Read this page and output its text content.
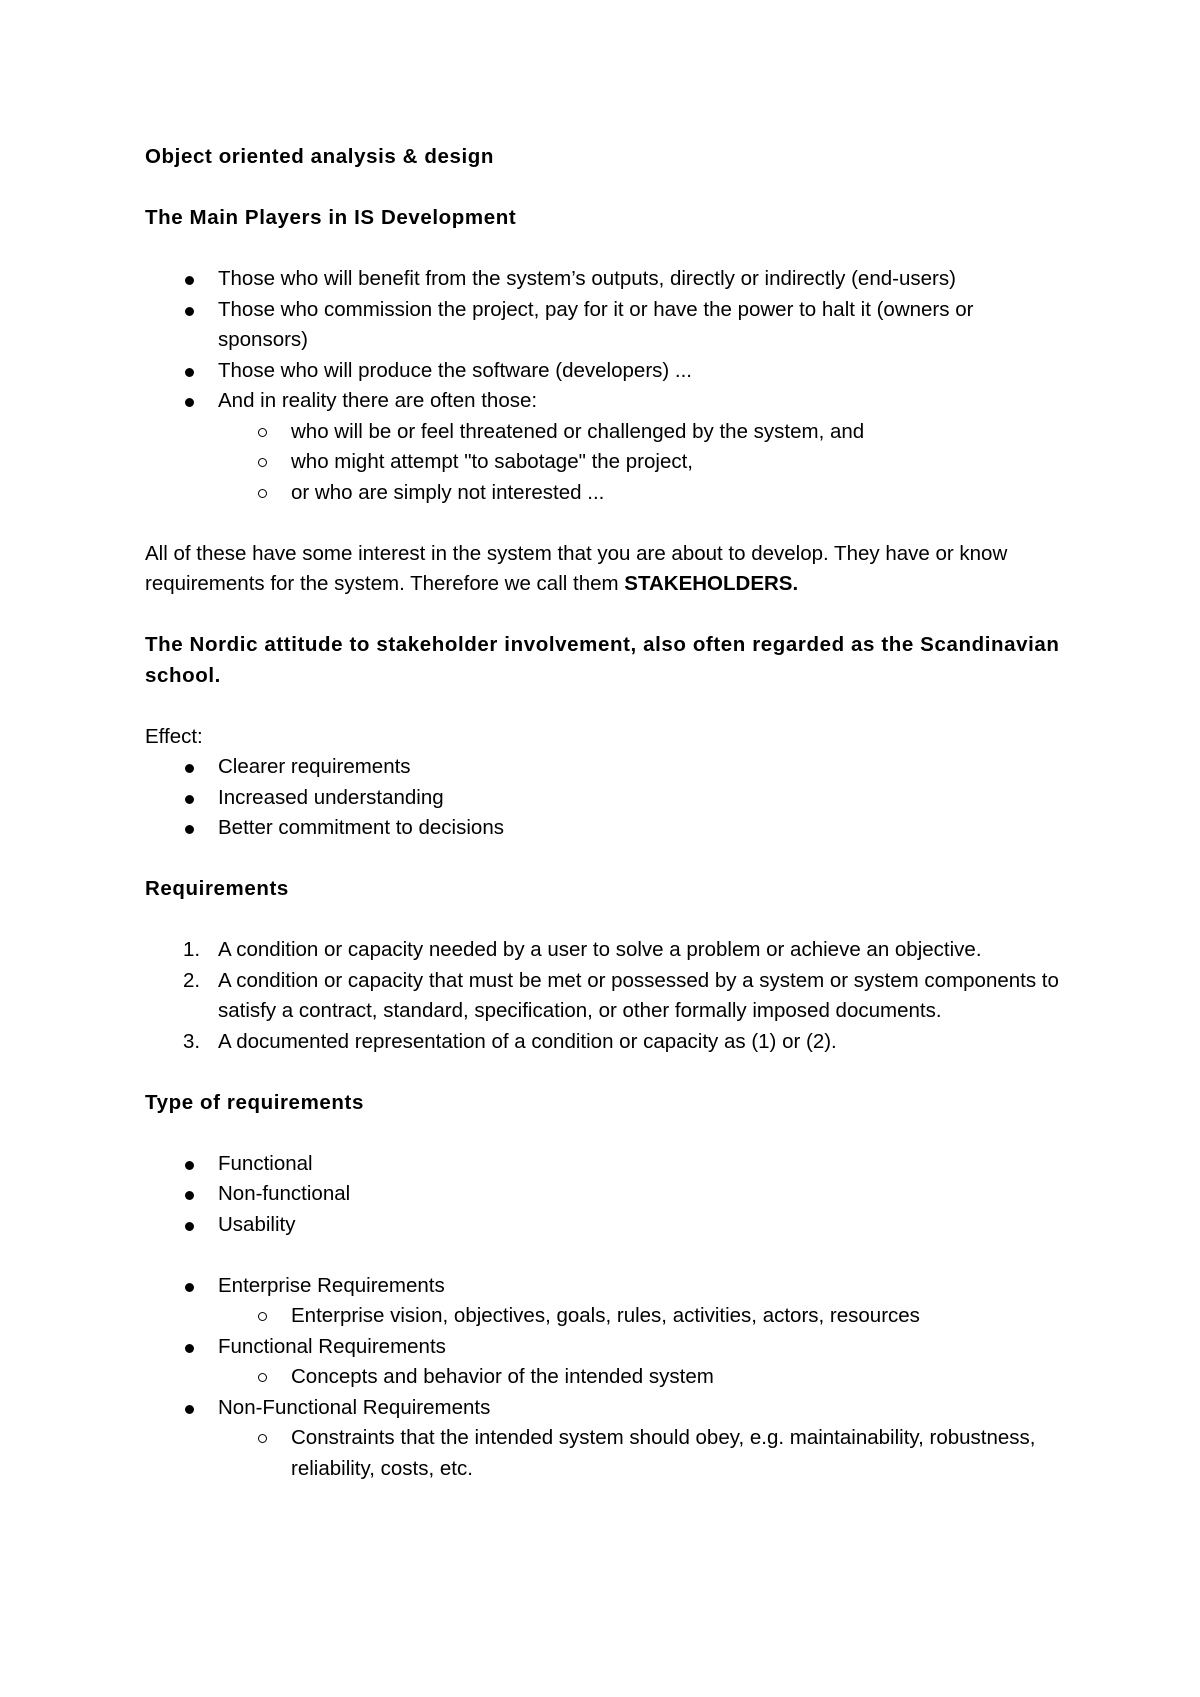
Object oriented analysis & design

The Main Players in IS Development

Those who will benefit from the system’s outputs, directly or indirectly (end-users)
Those who commission the project, pay for it or have the power to halt it (owners or sponsors)
Those who will produce the software (developers) ...
And in reality there are often those:
who will be or feel threatened or challenged by the system, and
who might attempt "to sabotage" the project,
or who are simply not interested ...

All of these have some interest in the system that you are about to develop. They have or know requirements for the system. Therefore we call them STAKEHOLDERS.

The Nordic attitude to stakeholder involvement, also often regarded as the Scandinavian school.

Effect:

Clearer requirements
Increased understanding
Better commitment to decisions

Requirements

1. A condition or capacity needed by a user to solve a problem or achieve an objective.
2. A condition or capacity that must be met or possessed by a system or system components to satisfy a contract, standard, specification, or other formally imposed documents.
3. A documented representation of a condition or capacity as (1) or (2).

Type of requirements

Functional
Non-functional
Usability
Enterprise Requirements
Enterprise vision, objectives, goals, rules, activities, actors, resources
Functional Requirements
Concepts and behavior of the intended system
Non-Functional Requirements
Constraints that the intended system should obey, e.g. maintainability, robustness, reliability, costs, etc.
